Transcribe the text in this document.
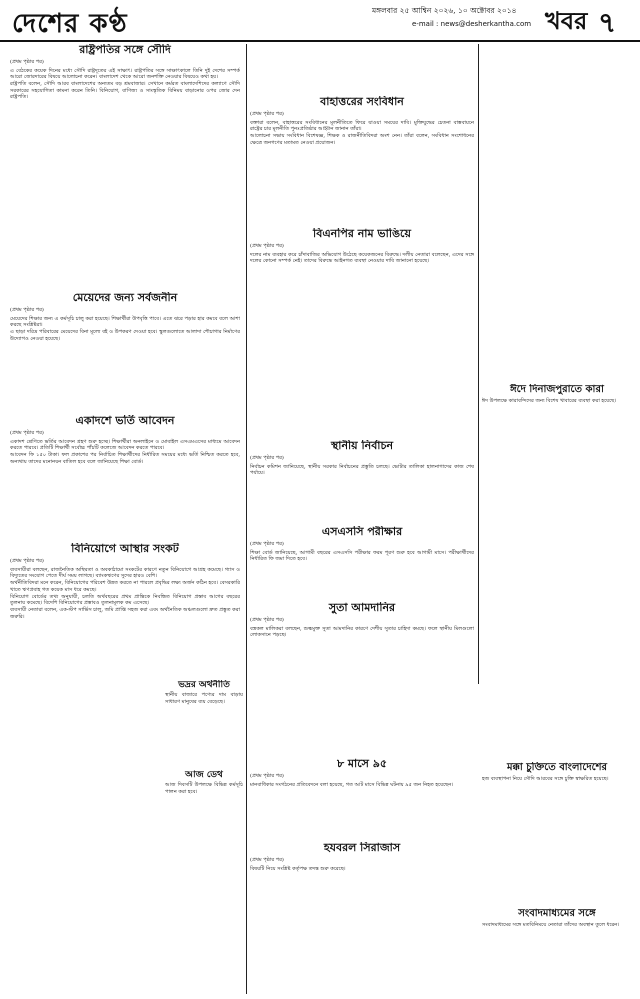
দেশের কণ্ঠ	মঙ্গলবার ২৫ আশ্বিন ২০২৬, ১০ অক্টোবর ২০১৪
e-mail : news@desherkantha.com খবর ৭
রাষ্ট্রপতির সঙ্গে সৌদি
(প্রথম পৃষ্ঠার পর)

এ বেঠকের কয়েক দিনের মধ্যে সৌদি রাষ্ট্রদূতের এই সাক্ষাৎ। রাষ্ট্রপতির সঙ্গে সাক্ষাৎকালে তিনি দুই দেশের সম্পর্ক আরো জোরদারের বিষয়ে আলোচনা করেন। বাংলাদেশ থেকে আরো জনশক্তি নেওয়ার বিষয়েও কথা হয়।

রাষ্ট্রপতি বলেন, সৌদি আরব বাংলাদেশের অন্যতম বড় শ্রমবাজার। সেখানে কর্মরত বাংলাদেশিদের কল্যাণে সৌদি সরকারের সহযোগিতা কামনা করেন তিনি। বিনিয়োগ, বাণিজ্য ও সাংস্কৃতিক বিনিময় বাড়ানোর ওপর জোর দেন রাষ্ট্রপতি।

মেয়েদের জন্য সর্বজনীন
(প্রথম পৃষ্ঠার পর)

মেয়েদের শিক্ষার জন্য এ কর্মসূচি চালু করা হয়েছে। শিক্ষার্থীরা উপবৃত্তি পাবে। এতে ঝরে পড়ার হার কমবে বলে আশা করছে সংশ্লিষ্টরা।

এ ছাড়া দরিদ্র পরিবারের মেয়েদের বিনা মূল্যে বই ও উপকরণ দেওয়া হবে। স্কুলগুলোতে আলাদা শৌচাগার নির্মাণের উদ্যোগও নেওয়া হয়েছে।

একাদশে ভর্তি আবেদন
(প্রথম পৃষ্ঠার পর)

একাদশ শ্রেণিতে ভর্তির আবেদন গ্রহণ শুরু হচ্ছে। শিক্ষার্থীরা অনলাইনে ও মোবাইল এসএমএসের মাধ্যমে আবেদন করতে পারবে। প্রতিটি শিক্ষার্থী সর্বোচ্চ পাঁচটি কলেজে আবেদন করতে পারবে।

আবেদন ফি ১৫০ টাকা। ফল প্রকাশের পর নির্বাচিত শিক্ষার্থীদের নির্ধারিত সময়ের মধ্যে ভর্তি নিশ্চিত করতে হবে, অন্যথায় তাদের মনোনয়ন বাতিল হবে বলে জানিয়েছে শিক্ষা বোর্ড।

বিনিয়োগে আস্থার সংকট
(প্রথম পৃষ্ঠার পর)

ব্যবসায়ীরা বলছেন, রাজনৈতিক অস্থিরতা ও অবকাঠামো সংকটের কারণে নতুন বিনিয়োগে আগ্রহ কমেছে। গ্যাস ও বিদ্যুতের সংযোগ পেতে দীর্ঘ সময় লাগছে। ব্যাংকঋণের সুদের হারও বেশি।

অর্থনীতিবিদরা মনে করেন, বিনিয়োগের পরিবেশ উন্নত করতে না পারলে প্রবৃদ্ধির লক্ষ্য অর্জন কঠিন হবে। বেসরকারি খাতে ঋণপ্রবাহ গত কয়েক মাস ধরে কমছে।

বিনিয়োগ বোর্ডের তথ্য অনুযায়ী, চলতি অর্থবছরের প্রথম প্রান্তিকে নিবন্ধিত বিনিয়োগ প্রস্তাব আগের বছরের তুলনায় কমেছে। বিদেশি বিনিয়োগের প্রস্তাবও তুলনামূলক কম এসেছে।

ব্যবসায়ী নেতারা বলেন, এক-স্টপ সার্ভিস চালু, জমি প্রাপ্তি সহজ করা এবং অর্থনৈতিক অঞ্চলগুলো দ্রুত প্রস্তুত করা জরুরি।

বাহাত্তরের সংবিধান
(প্রথম পৃষ্ঠার পর)

বক্তারা বলেন, বাহাত্তরের সংবিধানের মূলনীতিতে ফিরে যাওয়া সময়ের দাবি। মুক্তিযুদ্ধের চেতনা বাস্তবায়নে রাষ্ট্রের চার মূলনীতি পুনঃপ্রতিষ্ঠার আহ্বান জানান তাঁরা।

আলোচনা সভায় সংবিধান বিশেষজ্ঞ, শিক্ষক ও রাজনীতিবিদরা অংশ নেন। তাঁরা বলেন, সংবিধান সংশোধনের ক্ষেত্রে জনগণের মতামত নেওয়া প্রয়োজন।

বিএনপির নাম ভাঙিয়ে
(প্রথম পৃষ্ঠার পর)

দলের নাম ব্যবহার করে চাঁদাবাজির অভিযোগ উঠেছে কয়েকজনের বিরুদ্ধে। দলীয় নেতারা বলেছেন, এদের সঙ্গে দলের কোনো সম্পর্ক নেই। তাদের বিরুদ্ধে আইনগত ব্যবস্থা নেওয়ার দাবি জানানো হয়েছে।

স্থানীয় নির্বাচন
(প্রথম পৃষ্ঠার পর)

নির্বাচন কমিশন জানিয়েছে, স্থানীয় সরকার নির্বাচনের প্রস্তুতি চলছে। ভোটার তালিকা হালনাগাদের কাজ শেষ পর্যায়ে।

এসএসসি পরীক্ষার
(প্রথম পৃষ্ঠার পর)

শিক্ষা বোর্ড জানিয়েছে, আগামী বছরের এসএসসি পরীক্ষার ফরম পূরণ শুরু হবে আগামী মাসে। পরীক্ষার্থীদের নির্ধারিত ফি জমা দিতে হবে।

সুতা আমদানির
(প্রথম পৃষ্ঠার পর)

বস্ত্রকল মালিকরা বলছেন, শুল্কমুক্ত সুতা আমদানির কারণে দেশীয় সুতার চাহিদা কমছে। ফলে স্থানীয় মিলগুলো লোকসানে পড়ছে।

৮ মাসে ৯৫
(প্রথম পৃষ্ঠার পর)

মানবাধিকার সংগঠনের প্রতিবেদনে বলা হয়েছে, গত আট মাসে বিভিন্ন ঘটনায় ৯৫ জন নিহত হয়েছেন।

হযবরল সিরাজাস
(প্রথম পৃষ্ঠার পর)

বিষয়টি নিয়ে সংশ্লিষ্ট কর্তৃপক্ষ তদন্ত শুরু করেছে।

ভদ্রর অর্থনীতি

স্থানীয় বাজারে পণ্যের দাম বাড়ায় সাধারণ মানুষের ব্যয় বেড়েছে।

আজ ডেথ

আজ দিবসটি উপলক্ষে বিভিন্ন কর্মসূচি পালন করা হবে।

ঈদে দিনাজপুরাতে কারা

ঈদ উপলক্ষে কারাবন্দিদের জন্য বিশেষ খাবারের ব্যবস্থা করা হয়েছে।

মক্কা চুক্তিতে বাংলাদেশের

হজ ব্যবস্থাপনা নিয়ে সৌদি আরবের সঙ্গে চুক্তি স্বাক্ষরিত হয়েছে।

সংবাদমাধ্যমের সঙ্গে

সংবাদমাধ্যমের সঙ্গে মতবিনিময়ে নেতারা তাঁদের অবস্থান তুলে ধরেন।
